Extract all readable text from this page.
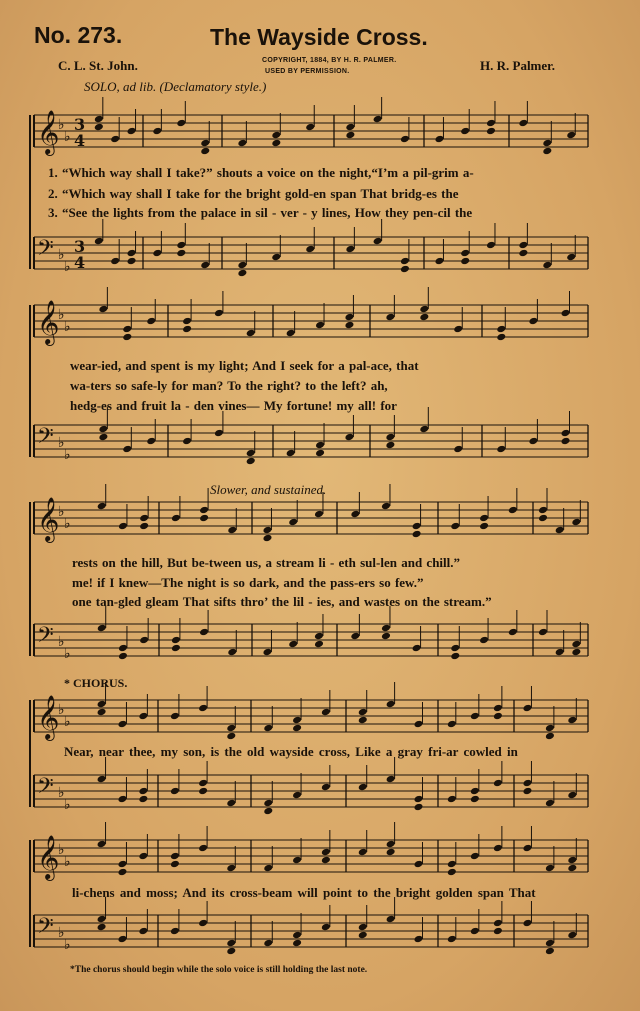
No. 273.	The Wayside Cross.
C. L. St. John.	COPYRIGHT, 1884, BY H. R. PALMER.
USED BY PERMISSION.	H. R. Palmer.
SOLO, ad lib. (Declamatory style.)
𝄞
♭
♭
3
4
𝄢 ♭
♭
3
4
𝄞
♭
♭
𝄢 ♭
♭
𝄞
♭
♭
𝄢 ♭
♭
𝄞
♭
♭
𝄢 ♭
♭
𝄞
♭
♭
𝄢 ♭
♭
1. “Which way shall I take?” shouts a voice on the night,“I’m a pil-grim a-
2. “Which way shall I take for the bright gold-en span That bridg-es the
3. “See the lights from the palace in sil - ver - y lines, How they pen-cil the
wear-ied, and spent is my light; And I seek for a pal-ace, that
wa-ters so safe-ly for man? To the right? to the left? ah,
hedg-es and fruit la - den vines— My fortune! my all! for
Slower, and sustained.
rests on the hill, But be-tween us, a stream li - eth sul-len and chill.”
me! if I knew—The night is so dark, and the pass-ers so few.”
one tan-gled gleam That sifts thro’ the lil - ies, and wastes on the stream.”
* CHORUS.
Near, near thee, my son, is the old wayside cross, Like a gray fri-ar cowled in
li-chens and moss; And its cross-beam will point to the bright golden span That
*The chorus should begin while the solo voice is still holding the last note.
